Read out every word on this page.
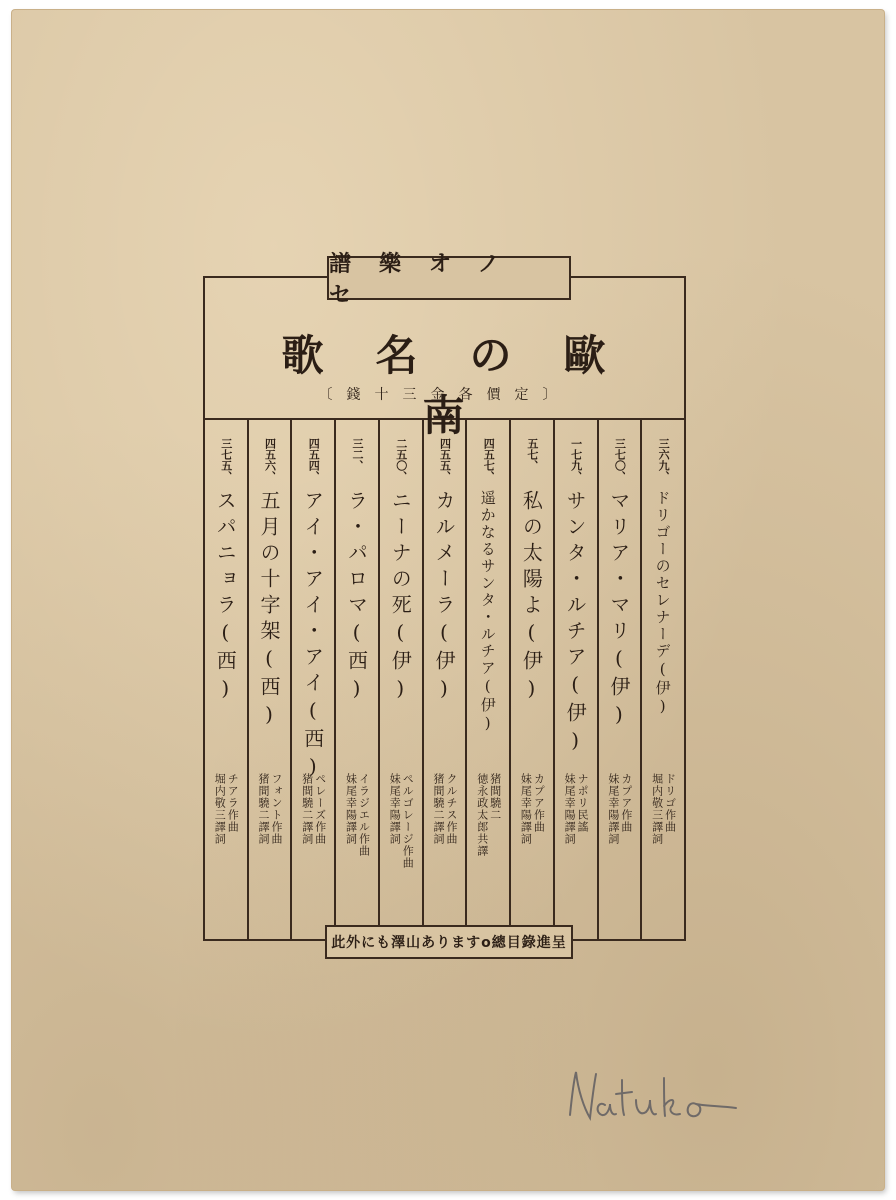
歌名の歐南
〔錢十三金各價定〕
三六九、
ドリゴーのセレナーデ(伊)
ドリゴ作曲
堀内敬三譯詞
三七〇、
マリア・マリ(伊)
カプア作曲
妹尾幸陽譯詞
一七九、
サンタ・ルチア(伊)
ナポリ民謠
妹尾幸陽譯詞
五七、
私の太陽よ(伊)
カプア作曲
妹尾幸陽譯詞
四五七、
遥かなるサンタ・ルチア(伊)
猪間驍二
徳永政太郎共譯
四五五、
カルメーラ(伊)
クルチス作曲
猪間驍二譯詞
二五〇、
ニーナの死(伊)
ペルゴレージ作曲
妹尾幸陽譯詞
三二、
ラ・パロマ(西)
イラジエル作曲
妹尾幸陽譯詞
四五四、
アイ・アイ・アイ(西)
ペレーズ作曲
猪間驍二譯詞
四五六、
五月の十字架(西)
フォント作曲
猪間驍二譯詞
三七五、
スパニョラ(西)
チアラ作曲
堀内敬三譯詞
譜樂オノセ
此外にも澤山ありますo總目錄進呈
